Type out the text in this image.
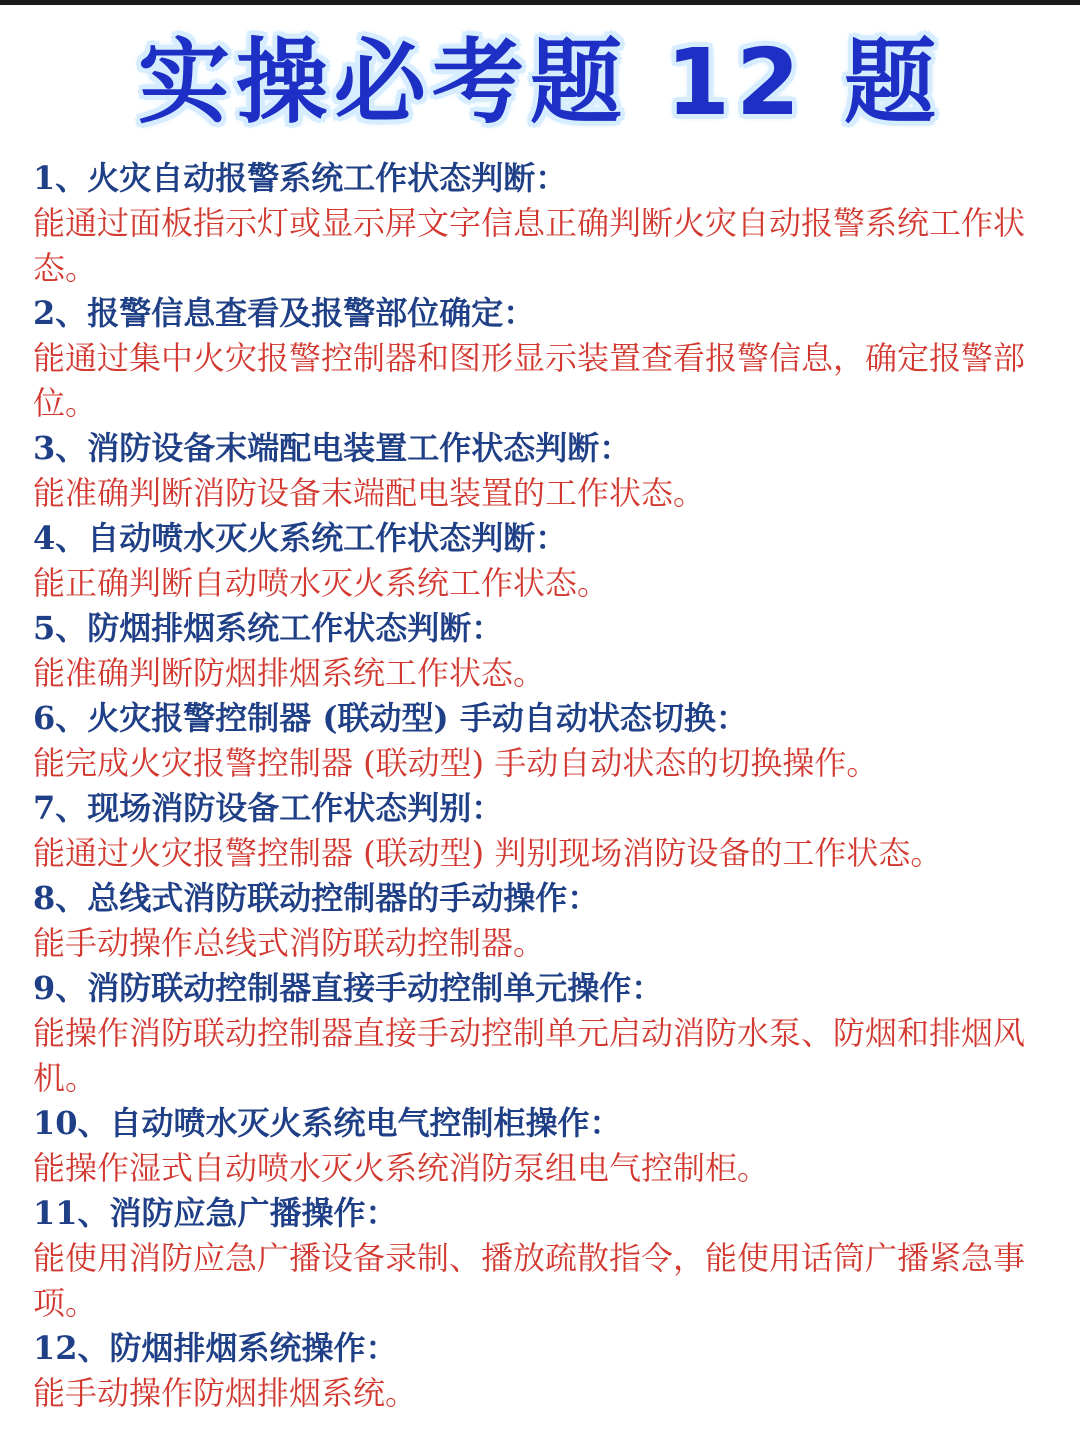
实操必考题 12 题

1、火灾自动报警系统工作状态判断：

能通过面板指示灯或显示屏文字信息正确判断火灾自动报警系统工作状态。

2、报警信息查看及报警部位确定：

能通过集中火灾报警控制器和图形显示装置查看报警信息，确定报警部位。

3、消防设备末端配电装置工作状态判断：

能准确判断消防设备末端配电装置的工作状态。

4、自动喷水灭火系统工作状态判断：

能正确判断自动喷水灭火系统工作状态。

5、防烟排烟系统工作状态判断：

能准确判断防烟排烟系统工作状态。

6、火灾报警控制器 (联动型) 手动自动状态切换：

能完成火灾报警控制器 (联动型) 手动自动状态的切换操作。

7、现场消防设备工作状态判别：

能通过火灾报警控制器 (联动型) 判别现场消防设备的工作状态。

8、总线式消防联动控制器的手动操作：

能手动操作总线式消防联动控制器。

9、消防联动控制器直接手动控制单元操作：

能操作消防联动控制器直接手动控制单元启动消防水泵、防烟和排烟风机。

10、自动喷水灭火系统电气控制柜操作：

能操作湿式自动喷水灭火系统消防泵组电气控制柜。

11、消防应急广播操作：

能使用消防应急广播设备录制、播放疏散指令，能使用话筒广播紧急事项。

12、防烟排烟系统操作：

能手动操作防烟排烟系统。
